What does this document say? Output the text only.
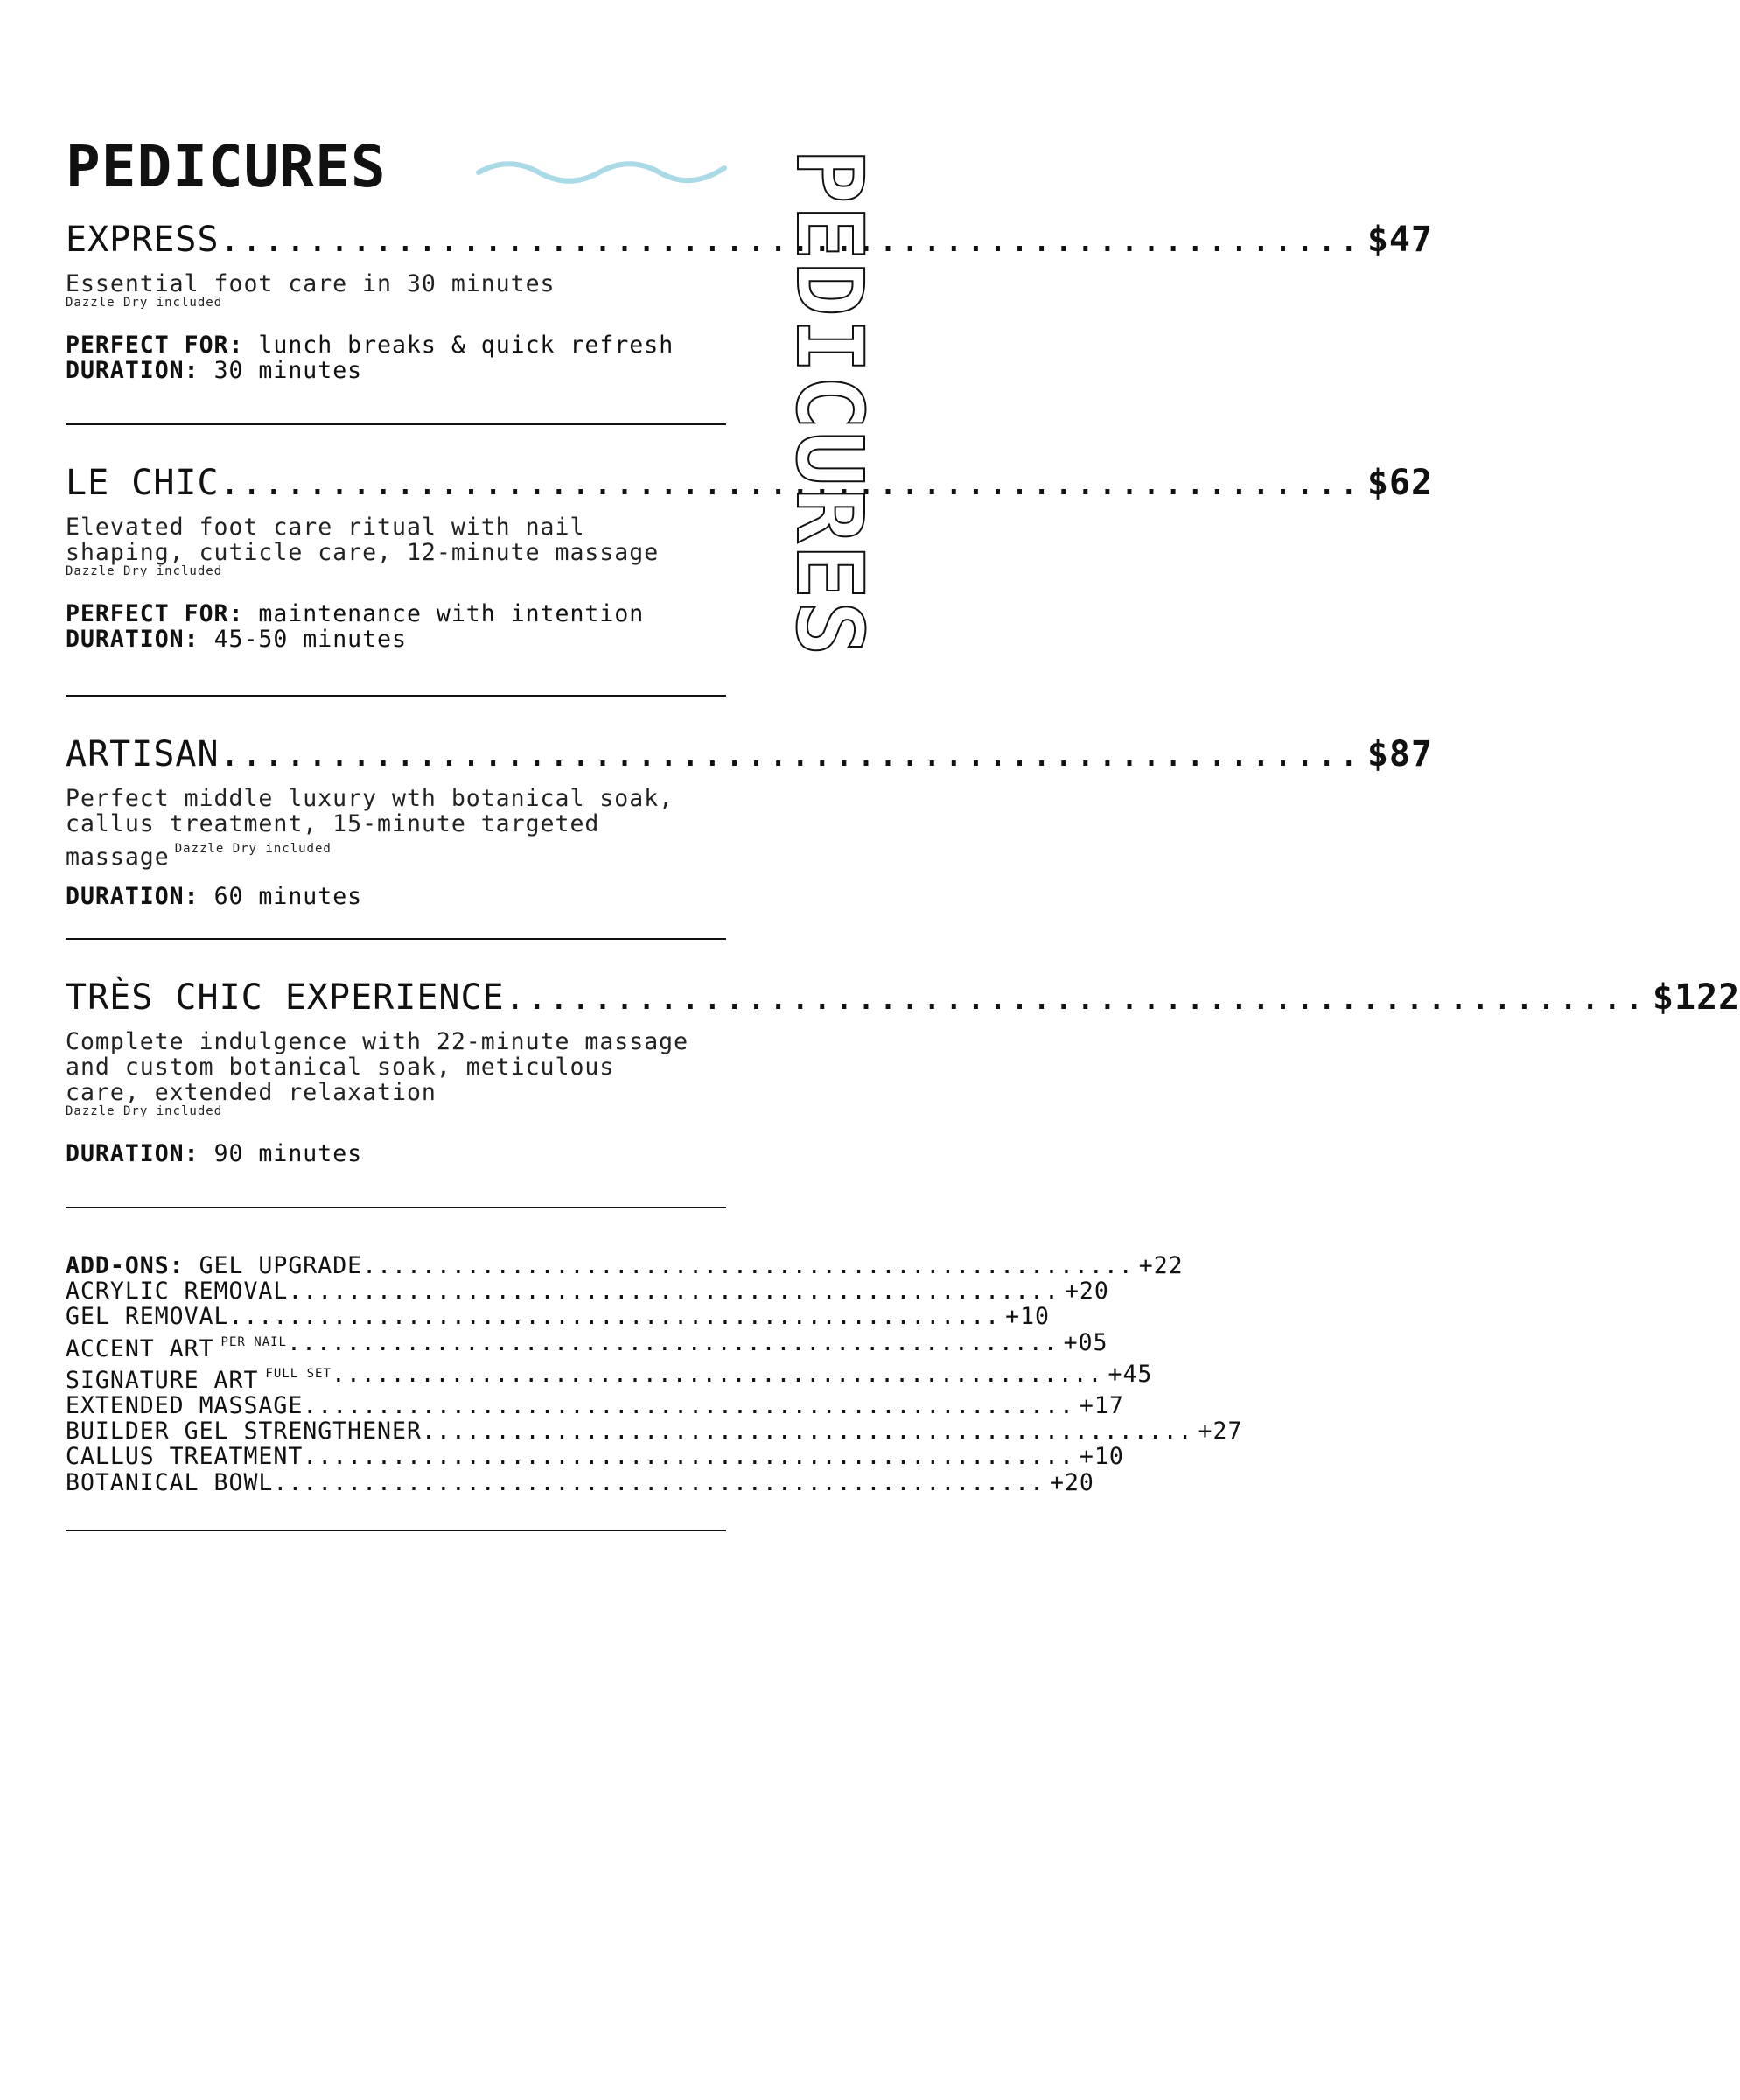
PEDICURES	PEDICURES
EXPRESS .................................................... $47
Essential foot care in 30 minutes
Dazzle Dry included
PERFECT FOR: lunch breaks & quick refresh
DURATION: 30 minutes
LE CHIC .................................................... $62
Elevated foot care ritual with nail
shaping, cuticle care, 12-minute massage
Dazzle Dry included
PERFECT FOR: maintenance with intention
DURATION: 45-50 minutes
ARTISAN .................................................... $87
Perfect middle luxury wth botanical soak,
callus treatment, 15-minute targeted
massage $^{Dazzle Dry included}$
DURATION: 60 minutes
TRÈS CHIC EXPERIENCE .................................................... $122
Complete indulgence with 22-minute massage
and custom botanical soak, meticulous
care, extended relaxation
Dazzle Dry included
DURATION: 90 minutes
ADD-ONS: GEL UPGRADE .................................................... +22
ACRYLIC REMOVAL .................................................... +20
GEL REMOVAL .................................................... +10
ACCENT ART $^{PER NAIL}$ .................................................... +05
SIGNATURE ART $^{FULL SET}$ .................................................... +45
EXTENDED MASSAGE .................................................... +17
BUILDER GEL STRENGTHENER .................................................... +27
CALLUS TREATMENT .................................................... +10
BOTANICAL BOWL .................................................... +20
